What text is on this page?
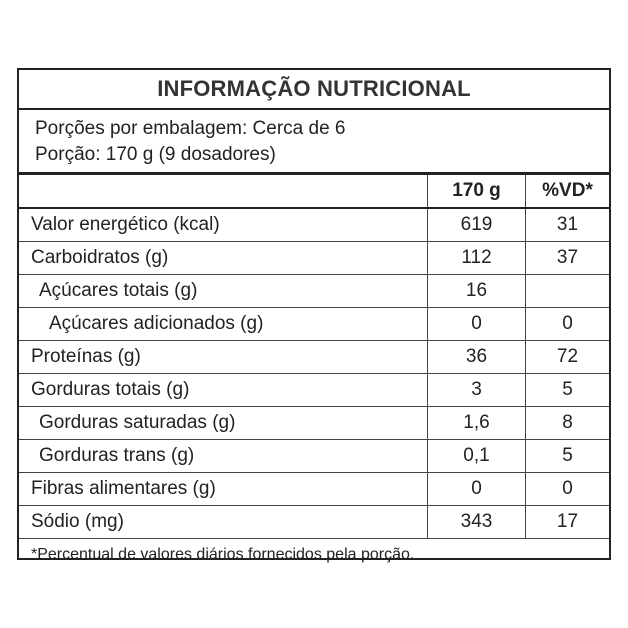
INFORMAÇÃO NUTRICIONAL
Porções por embalagem: Cerca de 6
Porção: 170 g (9 dosadores)
	170 g	%VD*
Valor energético (kcal)	619	31
Carboidratos (g)	112	37
Açúcares totais (g)	16	
Açúcares adicionados (g)	0	0
Proteínas (g)	36	72
Gorduras totais (g)	3	5
Gorduras saturadas (g)	1,6	8
Gorduras trans (g)	0,1	5
Fibras alimentares (g)	0	0
Sódio (mg)	343	17
*Percentual de valores diários fornecidos pela porção.
